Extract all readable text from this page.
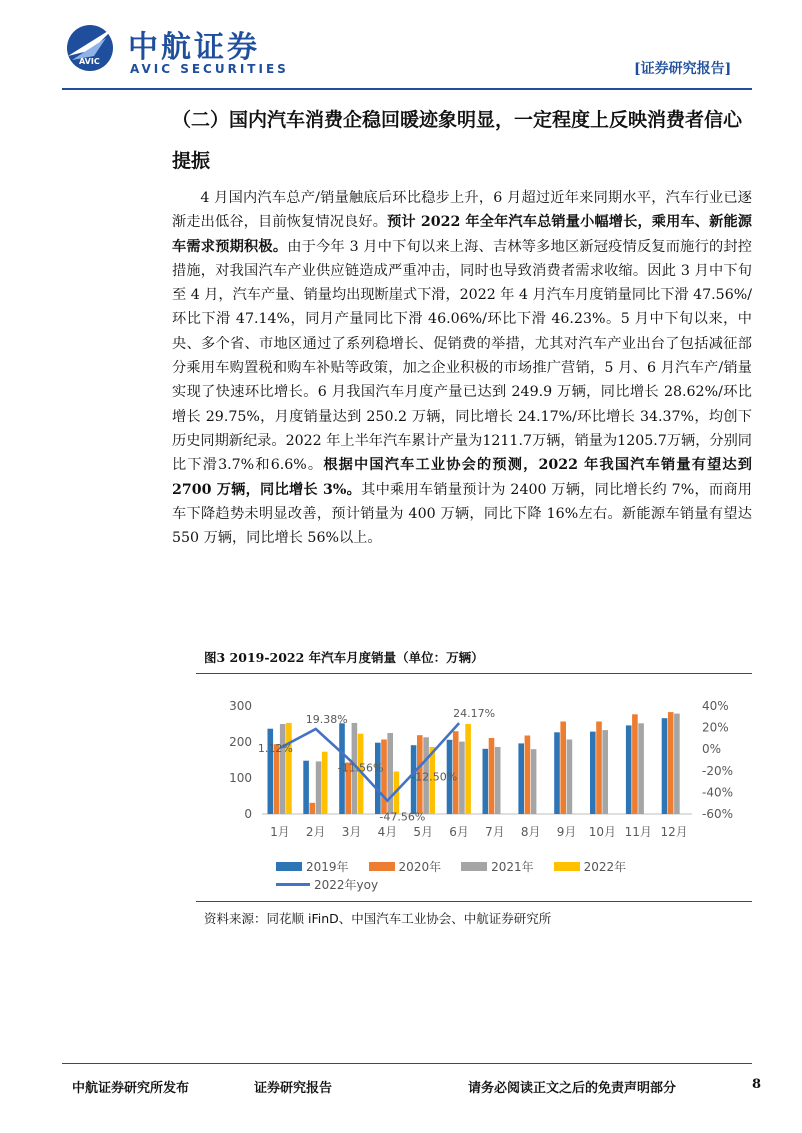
AVIC 中航证券
AVIC SECURITIES	[证券研究报告]
（二）国内汽车消费企稳回暖迹象明显，一定程度上反映消费者信心提振

4 月国内汽车总产/销量触底后环比稳步上升，6 月超过近年来同期水平，汽车行业已逐渐走出低谷，目前恢复情况良好。预计 2022 年全年汽车总销量小幅增长，乘用车、新能源车需求预期积极。由于今年 3 月中下旬以来上海、吉林等多地区新冠疫情反复而施行的封控措施，对我国汽车产业供应链造成严重冲击，同时也导致消费者需求收缩。因此 3 月中下旬至 4 月，汽车产量、销量均出现断崖式下滑，2022 年 4 月汽车月度销量同比下滑 47.56%/环比下滑 47.14%，同月产量同比下滑 46.06%/环比下滑 46.23%。5 月中下旬以来，中央、多个省、市地区通过了系列稳增长、促销费的举措，尤其对汽车产业出台了包括减征部分乘用车购置税和购车补贴等政策，加之企业积极的市场推广营销，5 月、6 月汽车产/销量实现了快速环比增长。6 月我国汽车月度产量已达到 249.9 万辆，同比增长 28.62%/环比增长 29.75%，月度销量达到 250.2 万辆，同比增长 24.17%/环比增长 34.37%，均创下历史同期新纪录。2022 年上半年汽车累计产量为1211.7万辆，销量为1205.7万辆，分别同比下滑3.7%和6.6%。根据中国汽车工业协会的预测，2022 年我国汽车销量有望达到 2700 万辆，同比增长 3%。其中乘用车销量预计为 2400 万辆，同比增长约 7%，而商用车下降趋势未明显改善，预计销量为 400 万辆，同比下降 16%左右。新能源车销量有望达 550 万辆，同比增长 56%以上。

图3 2019-2022 年汽车月度销量（单位：万辆）
0
100
200
300
-60%
-40%
-20%
0%
20%
40%
1月 2月 3月 4月 5月 6月 7月 8月 9月 10月 11月 12月
1.12%
19.38%
-11.56%
-47.56%
-12.50%
24.17%
2019年	2020年	2021年	2022年
2022年yoy
资料来源：同花顺 iFinD、中国汽车工业协会、中航证券研究所
中航证券研究所发布	证券研究报告	请务必阅读正文之后的免责声明部分	8
